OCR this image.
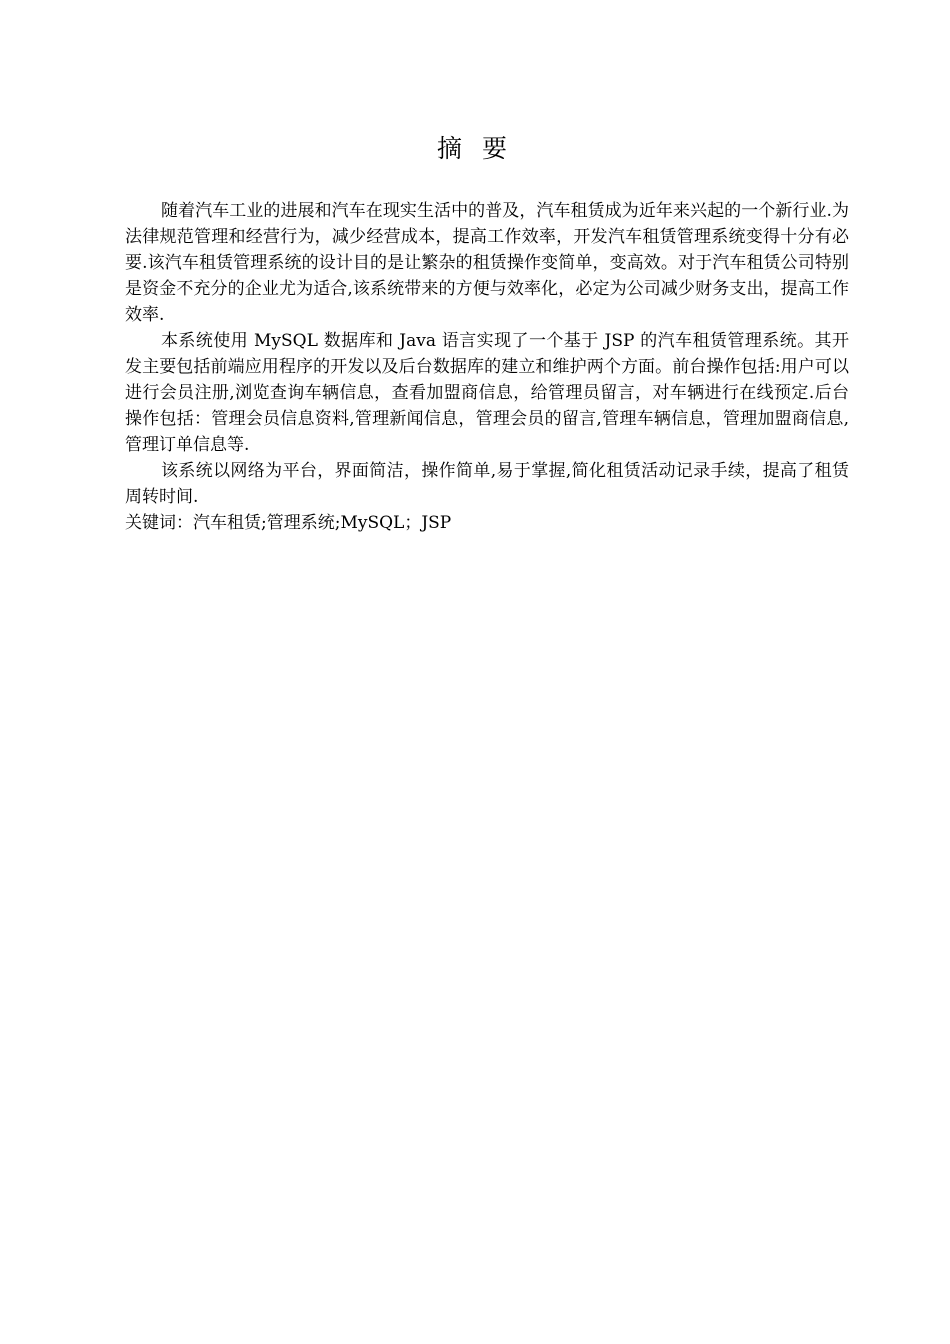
摘 要

随着汽车工业的进展和汽车在现实生活中的普及，汽车租赁成为近年来兴起的一个新行业.为法律规范管理和经营行为，减少经营成本，提高工作效率，开发汽车租赁管理系统变得十分有必要.该汽车租赁管理系统的设计目的是让繁杂的租赁操作变简单，变高效。对于汽车租赁公司特别是资金不充分的企业尤为适合,该系统带来的方便与效率化，必定为公司减少财务支出，提高工作效率.

本系统使用 MySQL 数据库和 Java 语言实现了一个基于 JSP 的汽车租赁管理系统。其开发主要包括前端应用程序的开发以及后台数据库的建立和维护两个方面。前台操作包括:用户可以进行会员注册,浏览查询车辆信息，查看加盟商信息，给管理员留言，对车辆进行在线预定.后台操作包括：管理会员信息资料,管理新闻信息，管理会员的留言,管理车辆信息，管理加盟商信息,管理订单信息等.

该系统以网络为平台，界面简洁，操作简单,易于掌握,简化租赁活动记录手续，提高了租赁周转时间.

关键词：汽车租赁;管理系统;MySQL；JSP
